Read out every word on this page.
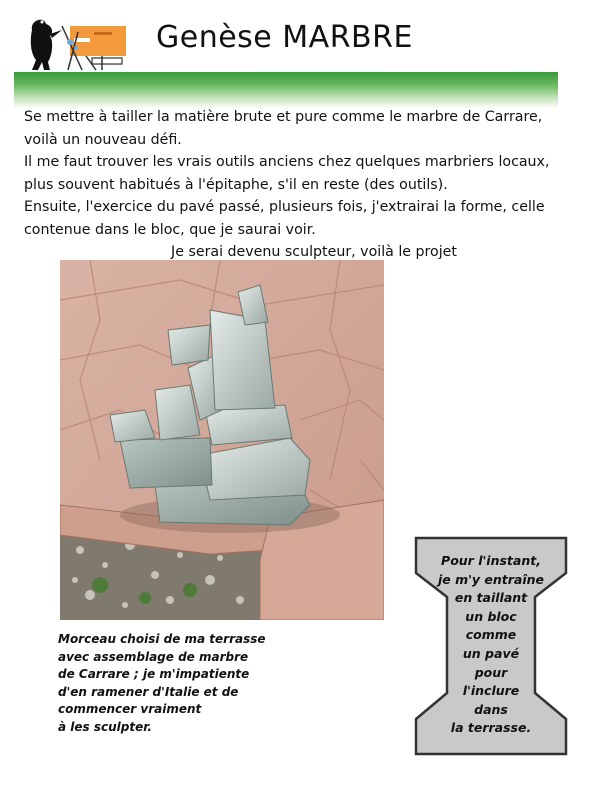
Genèse MARBRE

Se mettre à tailler la matière brute et pure comme le marbre de Carrare,

voilà un nouveau défi.

Il me faut trouver les vrais outils anciens chez quelques marbriers locaux,

plus souvent habitués à l'épitaphe, s'il en reste (des outils).

Ensuite, l'exercice du pavé passé, plusieurs fois, j'extrairai la forme, celle

contenue dans le bloc, que je saurai voir.

Je serai devenu sculpteur, voilà le projet

Morceau choisi de ma terrasse

avec assemblage de marbre

de Carrare ; je m'impatiente

d'en ramener d'Italie et de

commencer vraiment

à les sculpter.

Pour l'instant,

je m'y entraîne

en taillant

un bloc

comme

un pavé

pour

l'inclure

dans

la terrasse.
